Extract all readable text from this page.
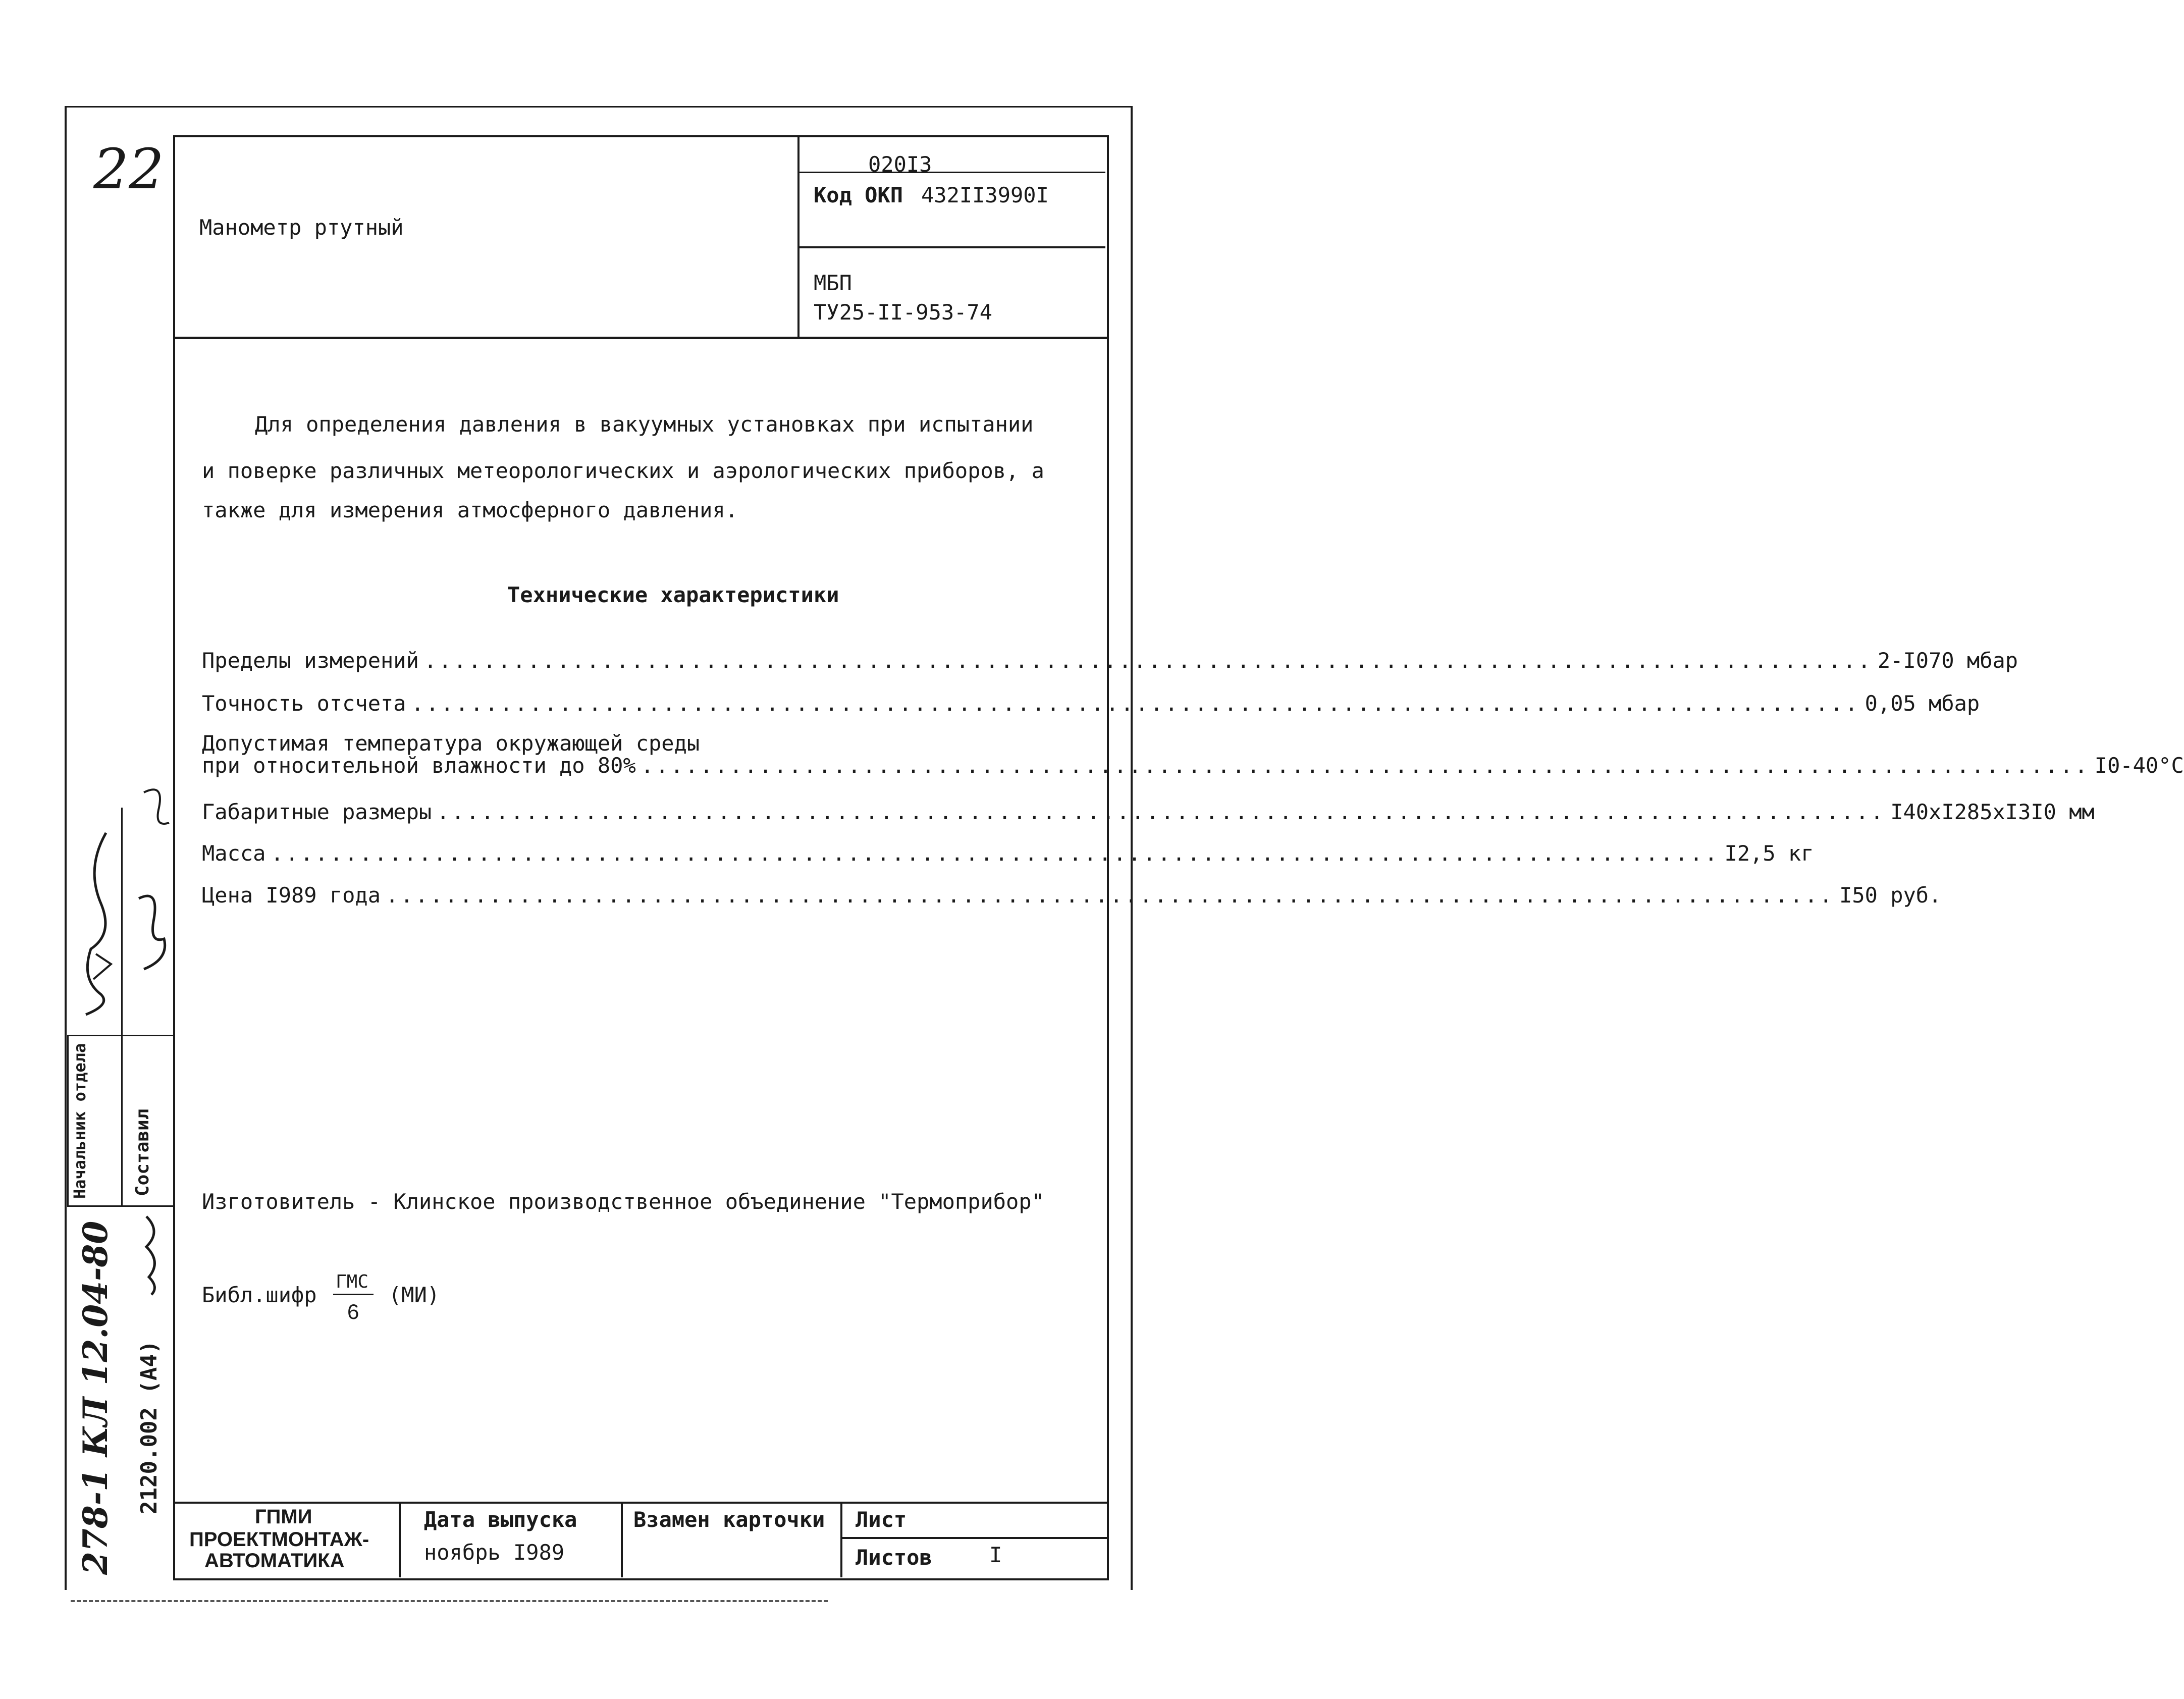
22
Манометр ртутный
020I3
Код ОКП 432II3990I
МБП
ТУ25-II-953-74
Для определения давления в вакуумных установках при испытании
и поверке различных метеорологических и аэрологических приборов, а
также для измерения атмосферного давления.
Технические характеристики
Пределы измерений .................................................................................................. 2-I070 мбар
Точность отсчета .................................................................................................. 0,05 мбар
Допустимая температура окружающей среды
при относительной влажности до 80% .................................................................................................. I0-40°С
Габаритные размеры .................................................................................................. I40хI285хI3I0 мм
Масса .................................................................................................. I2,5 кг
Цена I989 года .................................................................................................. I50 руб.
Изготовитель - Клинское производственное объединение "Термоприбор"
Библ.шифр
ГМС
6
(МИ)
Начальник отдела Составил
2120.002 (А4)
278-1 КЛ 12.04-80	ГПМИ
ПРОЕКТМОНТАЖ-
АВТОМАТИКА
Дата выпуска
ноябрь I989
Взамен карточки Лист
Листов	I
